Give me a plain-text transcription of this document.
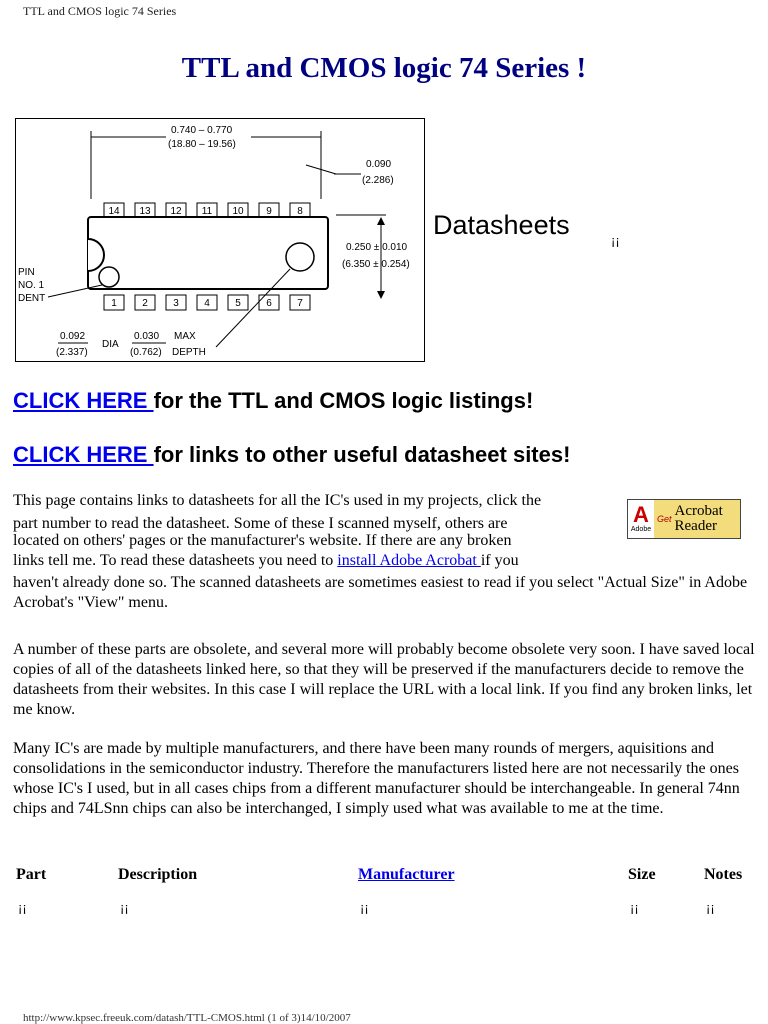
TTL and CMOS logic 74 Series
TTL and CMOS logic 74 Series !
0.740 – 0.770
(18.80 – 19.56)
0.090
(2.286)
14 13 12 11 10 9	8
1	2	3	4	5	6	7
0.250 ± 0.010
(6.350 ± 0.254)
PIN
NO. 1
DENT
0.092
(2.337)
DIA
0.030
(0.762)
MAX
DEPTH
Datasheets
¡¡
CLICK HERE for the TTL and CMOS logic listings!
CLICK HERE for links to other useful datasheet sites!
A
Adobe
Get Acrobat
Reader

This page contains links to datasheets for all the IC's used in my projects, click the

part number to read the datasheet. Some of these I scanned myself, others are

located on others' pages or the manufacturer's website. If there are any broken

links tell me. To read these datasheets you need to install Adobe Acrobat if you

haven't already done so. The scanned datasheets are sometimes easiest to read if you select "Actual Size" in Adobe Acrobat's "View" menu.

A number of these parts are obsolete, and several more will probably become obsolete very soon. I have saved local copies of all of the datasheets linked here, so that they will be preserved if the manufacturers decide to remove the datasheets from their websites. In this case I will replace the URL with a local link. If you find any broken links, let me know.

Many IC's are made by multiple manufacturers, and there have been many rounds of mergers, aquisitions and consolidations in the semiconductor industry. Therefore the manufacturers listed here are not necessarily the ones whose IC's I used, but in all cases chips from a different manufacturer should be interchangeable. In general 74nn chips and 74LSnn chips can also be interchanged, I simply used what was available to me at the time.

Part	Description	Manufacturer	Size	Notes
¡¡	¡¡	¡¡	¡¡	¡¡
http://www.kpsec.freeuk.com/datash/TTL-CMOS.html (1 of 3)14/10/2007
